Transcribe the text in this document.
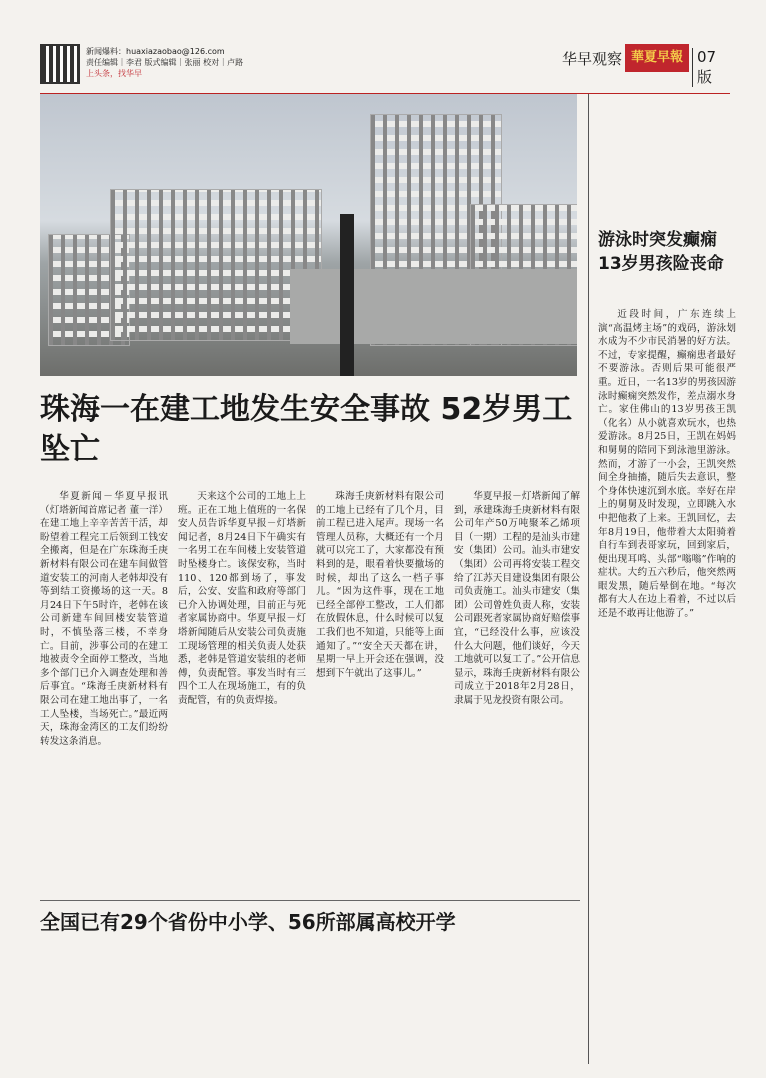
新闻爆料：huaxiazaobao@126.com
责任编辑｜李君 版式编辑｜张丽 校对｜卢路
上头条，找华早
华早观察 華夏早報 07 版
珠海一在建工地发生安全事故 52岁男工坠亡

华夏新闻－华夏早报讯（灯塔新闻首席记者 董一洋）在建工地上辛辛苦苦干活，却盼望着工程完工后领到工钱安全搬离，但是在广东珠海壬庚新材料有限公司在建车间做管道安装工的河南人老韩却没有等到结工资搬场的这一天。8月24日下午5时许，老韩在该公司新建车间回楼安装管道时，不慎坠落三楼，不幸身亡。目前，涉事公司的在建工地被责令全面停工整改，当地多个部门已介入调查处理和善后事宜。“珠海壬庚新材料有限公司在建工地出事了，一名工人坠楼，当场死亡。”最近两天，珠海金湾区的工友们纷纷转发这条消息。

天来这个公司的工地上上班。正在工地上值班的一名保安人员告诉华夏早报－灯塔新闻记者，8月24日下午确实有一名男工在车间楼上安装管道时坠楼身亡。该保安称，当时110、120都到场了，事发后，公安、安监和政府等部门已介入协调处理，目前正与死者家属协商中。华夏早报－灯塔新闻随后从安装公司负责施工现场管理的相关负责人处获悉，老韩是管道安装组的老师傅，负责配管。事发当时有三四个工人在现场施工，有的负责配管，有的负责焊接。

珠海壬庚新材料有限公司的工地上已经有了几个月，目前工程已进入尾声。现场一名管理人员称，大概还有一个月就可以完工了，大家都没有预料到的是，眼看着快要撤场的时候，却出了这么一档子事儿。“因为这件事，现在工地已经全部停工整改，工人们都在放假休息，什么时候可以复工我们也不知道，只能等上面通知了。”“安全天天都在讲，星期一早上开会还在强调，没想到下午就出了这事儿。”

华夏早报－灯塔新闻了解到，承建珠海壬庚新材料有限公司年产50万吨聚苯乙烯项目（一期）工程的是汕头市建安（集团）公司。汕头市建安（集团）公司再将安装工程交给了江苏天目建设集团有限公司负责施工。汕头市建安（集团）公司曾姓负责人称，安装公司跟死者家属协商好赔偿事宜，“已经没什么事，应该没什么大问题，他们谈好，今天工地就可以复工了。”公开信息显示，珠海壬庚新材料有限公司成立于2018年2月28日，隶属于见龙投资有限公司。

游泳时突发癫痫 13岁男孩险丧命

近段时间，广东连续上演“高温烤主场”的戏码，游泳划水成为不少市民消暑的好方法。不过，专家提醒，癫痫患者最好不要游泳。否则后果可能很严重。近日，一名13岁的男孩因游泳时癫痫突然发作，差点溺水身亡。家住佛山的13岁男孩王凯（化名）从小就喜欢玩水，也热爱游泳。8月25日，王凯在妈妈和舅舅的陪同下到泳池里游泳。然而，才游了一小会，王凯突然间全身抽搐，随后失去意识，整个身体快速沉到水底。幸好在岸上的舅舅及时发现，立即跳入水中把他救了上来。王凯回忆，去年8月19日，他带着大太阳骑着自行车到表哥家玩，回到家后，便出现耳鸣、头部“嗡嗡”作响的症状。大约五六秒后，他突然两眼发黑，随后晕倒在地。“每次都有大人在边上看着，不过以后还是不敢再让他游了。”

全国已有29个省份中小学、56所部属高校开学
